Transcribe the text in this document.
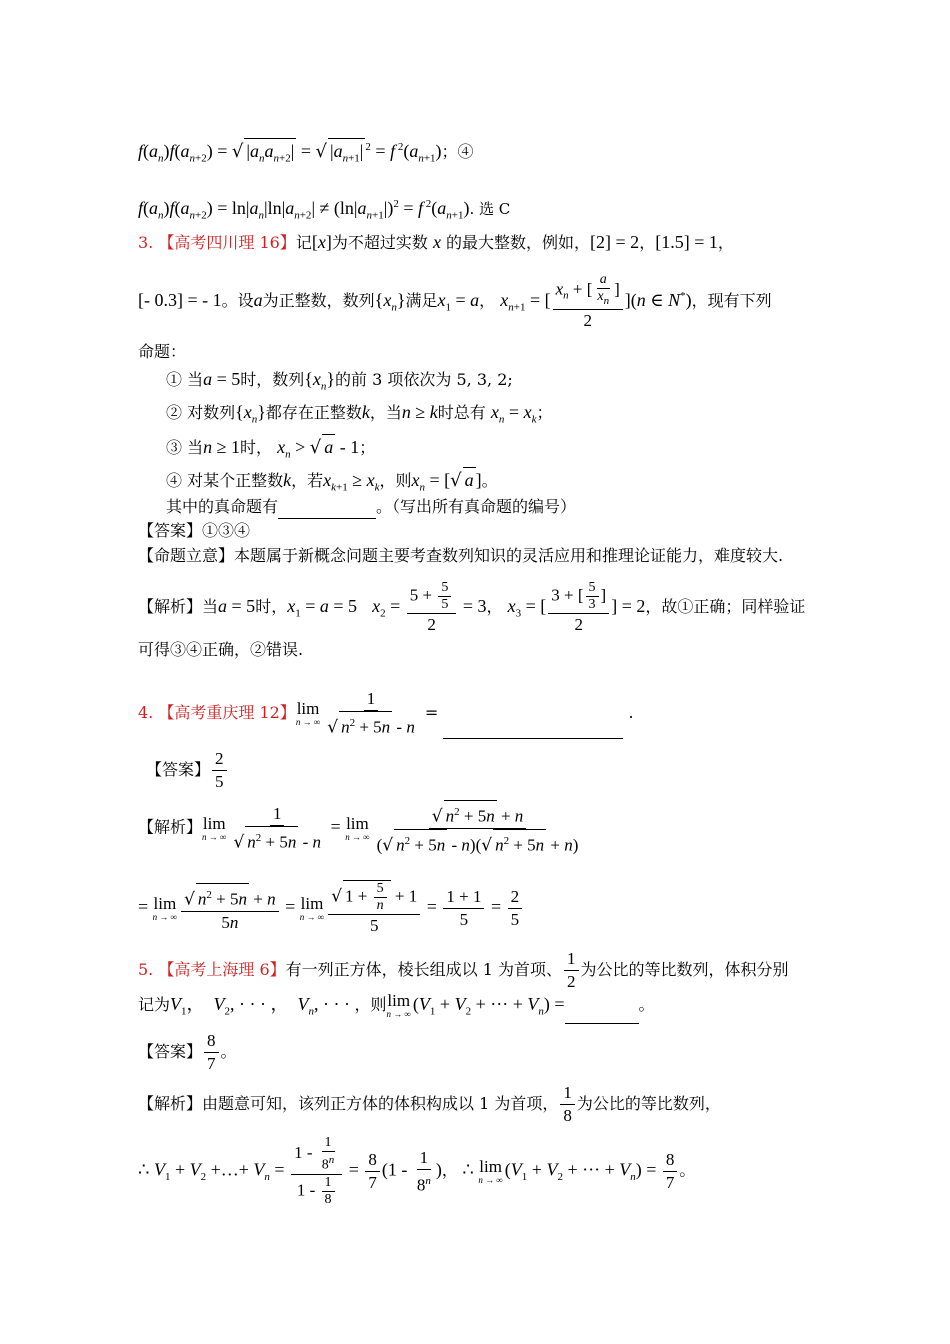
$f(a_n)f(a_{n+2})$ = √ $|a_na_{n+2}|$ = √ $|a_{n+1}|$ $^2$ = f $^2(a_{n+1})$；④
$f(a_n)f(a_{n+2}) = \ln|a_n|\ln|a_{n+2}| \ne (\ln|a_{n+1}|)^2 = f$ $^2(a_{n+1})$. 选 C
3. 【高考四川理 16】记[x]为不超过实数 x 的最大整数，例如，[2] = 2，[1.5] = 1，
[- 0.3] = - 1。设a为正整数，数列$\{x_n\}$满足$x_1 = a$， $x_{n+1}$ = [ $\frac{x_n + [ \frac{a}{x_n} ]}{2} ](n$ ∈ N*)，现有下列
命题：
① 当a = 5时，数列$\{x_n\}$的前 3 项依次为 5, 3, 2;
② 对数列$\{x_n\}$都存在正整数k，当n ≥ k时总有 $x_n = x_k$；
③ 当n ≥ 1时， $x_n$ > √ a - 1；
④ 对某个正整数k，若$x_{k+1} \ge x_k$，则$x_n$ = [√ a ]。
其中的真命题有	。（写出所有真命题的编号）
【答案】①③④
【命题立意】本题属于新概念问题主要考查数列知识的灵活应用和推理论证能力，难度较大.
【解析】当a = 5时，$x_1 = a = 5$ $x_2 = \frac{5 + \frac{5}{5}}{2} = 3$， $x_3$ = [ $\frac{3 + [ \frac{5}{3} ]}{2}$ ] = 2，故①正确；同样验证
可得③④正确，②错误.
4. 【高考重庆理 12】 lim
n → ∞ $\frac{1}{√ n^2 + 5n - n}$ =	.
【答案】 $\frac{2}{5}$
【解析】 lim
n → ∞ $\frac{1}{√ n^2 + 5n - n} = \lim$
n → ∞ $\frac{√ n^2 + 5n + n}{(√ n^2 + 5n - n)(√ n^2 + 5n + n)}$
= lim
n → ∞ $\frac{√ n^2 + 5n + n}{5n} = \lim$
n → ∞ $\frac{√ 1 + \frac{5}{n} + 1}{5} = \frac{1 + 1}{5} = \frac{2}{5}$
5. 【高考上海理 6】有一列正方体，棱长组成以 1 为首项、 $\frac{1}{2}$ 为公比的等比数列，体积分别
记为$V_1$，  $V_2$, · · · ，  $V_n$, · · · ，则 lim
n → ∞ ($V_1 + V_2$ + ··· + $V_n$) =	。
【答案】 $\frac{8}{7}$ 。
【解析】由题意可知，该列正方体的体积构成以 1 为首项， $\frac{1}{8}$ 为公比的等比数列，
∴ $V_1 + V_2$ +…+ $V_n = \frac{1 - \frac{1}{8^n}}{1 - \frac{1}{8}} = \frac{8}{7} (1 - \frac{1}{8^n}$ )， ∴ lim
n → ∞
($V_1 + V_2$ + ··· + $V_n) = \frac{8}{7}$ 。
